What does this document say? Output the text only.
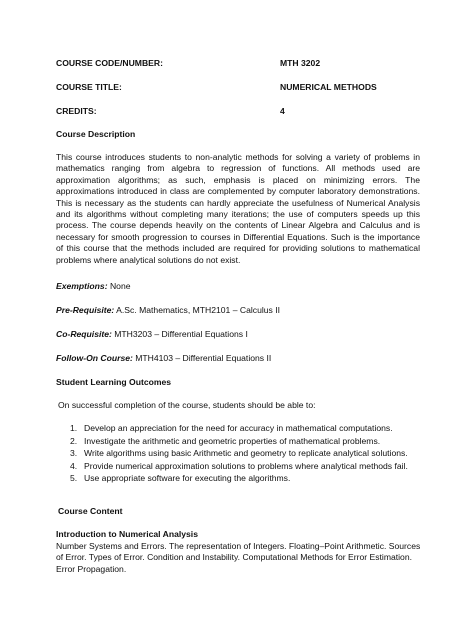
COURSE CODE/NUMBER:	MTH 3202
COURSE TITLE:	NUMERICAL METHODS
CREDITS:	4
Course Description
This course introduces students to non-analytic methods for solving a variety of problems in mathematics ranging from algebra to regression of functions. All methods used are approximation algorithms; as such, emphasis is placed on minimizing errors. The approximations introduced in class are complemented by computer laboratory demonstrations. This is necessary as the students can hardly appreciate the usefulness of Numerical Analysis and its algorithms without completing many iterations; the use of computers speeds up this process. The course depends heavily on the contents of Linear Algebra and Calculus and is necessary for smooth progression to courses in Differential Equations. Such is the importance of this course that the methods included are required for providing solutions to mathematical problems where analytical solutions do not exist.
Exemptions: None
Pre-Requisite: A.Sc. Mathematics, MTH2101 – Calculus II
Co-Requisite: MTH3203 – Differential Equations I
Follow-On Course: MTH4103 – Differential Equations II
Student Learning Outcomes
On successful completion of the course, students should be able to:
1. Develop an appreciation for the need for accuracy in mathematical computations.
2. Investigate the arithmetic and geometric properties of mathematical problems.
3. Write algorithms using basic Arithmetic and geometry to replicate analytical solutions.
4. Provide numerical approximation solutions to problems where analytical methods fail.
5. Use appropriate software for executing the algorithms.
Course Content
Introduction to Numerical Analysis
Number Systems and Errors. The representation of Integers. Floating–Point Arithmetic. Sources of Error. Types of Error. Condition and Instability. Computational Methods for Error Estimation. Error Propagation.
